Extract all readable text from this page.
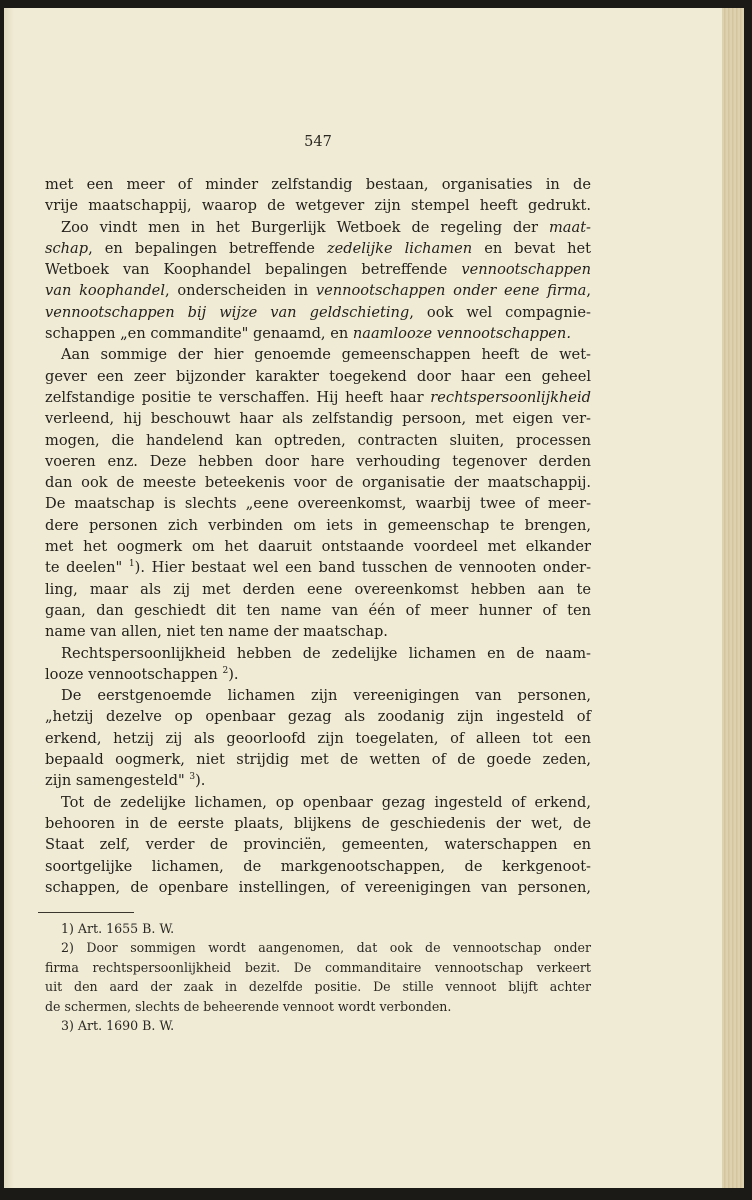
547
met een meer of minder zelfstandig bestaan, organisaties in de
vrije maatschappij, waarop de wetgever zijn stempel heeft gedrukt.
Zoo vindt men in het Burgerlijk Wetboek de regeling der maat-
schap, en bepalingen betreffende zedelijke lichamen en bevat het
Wetboek van Koophandel bepalingen betreffende vennootschappen
van koophandel, onderscheiden in vennootschappen onder eene firma,
vennootschappen bij wijze van geldschieting, ook wel compagnie-
schappen „en commandite" genaamd, en naamlooze vennootschappen.
Aan sommige der hier genoemde gemeenschappen heeft de wet-
gever een zeer bijzonder karakter toegekend door haar een geheel
zelfstandige positie te verschaffen. Hij heeft haar rechtspersoonlijkheid
verleend, hij beschouwt haar als zelfstandig persoon, met eigen ver-
mogen, die handelend kan optreden, contracten sluiten, processen
voeren enz. Deze hebben door hare verhouding tegenover derden
dan ook de meeste beteekenis voor de organisatie der maatschappij.
De maatschap is slechts „eene overeenkomst, waarbij twee of meer-
dere personen zich verbinden om iets in gemeenschap te brengen,
met het oogmerk om het daaruit ontstaande voordeel met elkander
te deelen" $^1$). Hier bestaat wel een band tusschen de vennooten onder-
ling, maar als zij met derden eene overeenkomst hebben aan te
gaan, dan geschiedt dit ten name van één of meer hunner of ten
name van allen, niet ten name der maatschap.
Rechtspersoonlijkheid hebben de zedelijke lichamen en de naam-
looze vennootschappen $^2$).
De eerstgenoemde lichamen zijn vereenigingen van personen,
„hetzij dezelve op openbaar gezag als zoodanig zijn ingesteld of
erkend, hetzij zij als geoorloofd zijn toegelaten, of alleen tot een
bepaald oogmerk, niet strijdig met de wetten of de goede zeden,
zijn samengesteld" $^3$).
Tot de zedelijke lichamen, op openbaar gezag ingesteld of erkend,
behooren in de eerste plaats, blijkens de geschiedenis der wet, de
Staat zelf, verder de provinciën, gemeenten, waterschappen en
soortgelijke lichamen, de markgenootschappen, de kerkgenoot-
schappen, de openbare instellingen, of vereenigingen van personen,
1) Art. 1655 B. W.
2) Door sommigen wordt aangenomen, dat ook de vennootschap onder
firma rechtspersoonlijkheid bezit. De commanditaire vennootschap verkeert
uit den aard der zaak in dezelfde positie. De stille vennoot blijft achter
de schermen, slechts de beheerende vennoot wordt verbonden.
3) Art. 1690 B. W.
